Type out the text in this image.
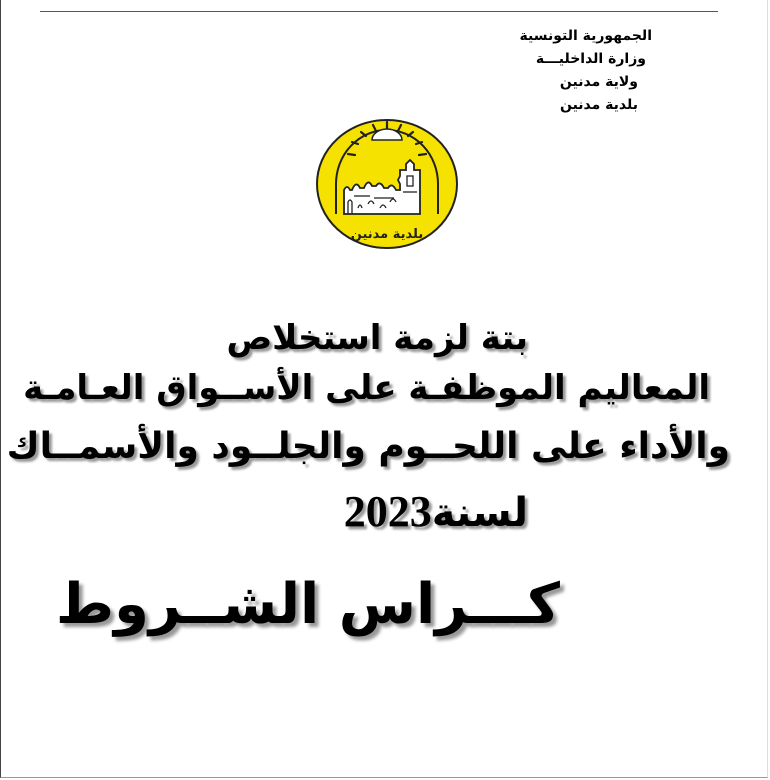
الجمهورية التونسية
وزارة الداخليـــة
ولاية مدنين
بلدية مدنين
بلدية مدنين
بتة لزمة استخلاص
المعاليم الموظفـة على الأســواق العـامـة
والأداء على اللحــوم والجلــود والأسمــاك
لسنة2023
كـــراس الشــروط
